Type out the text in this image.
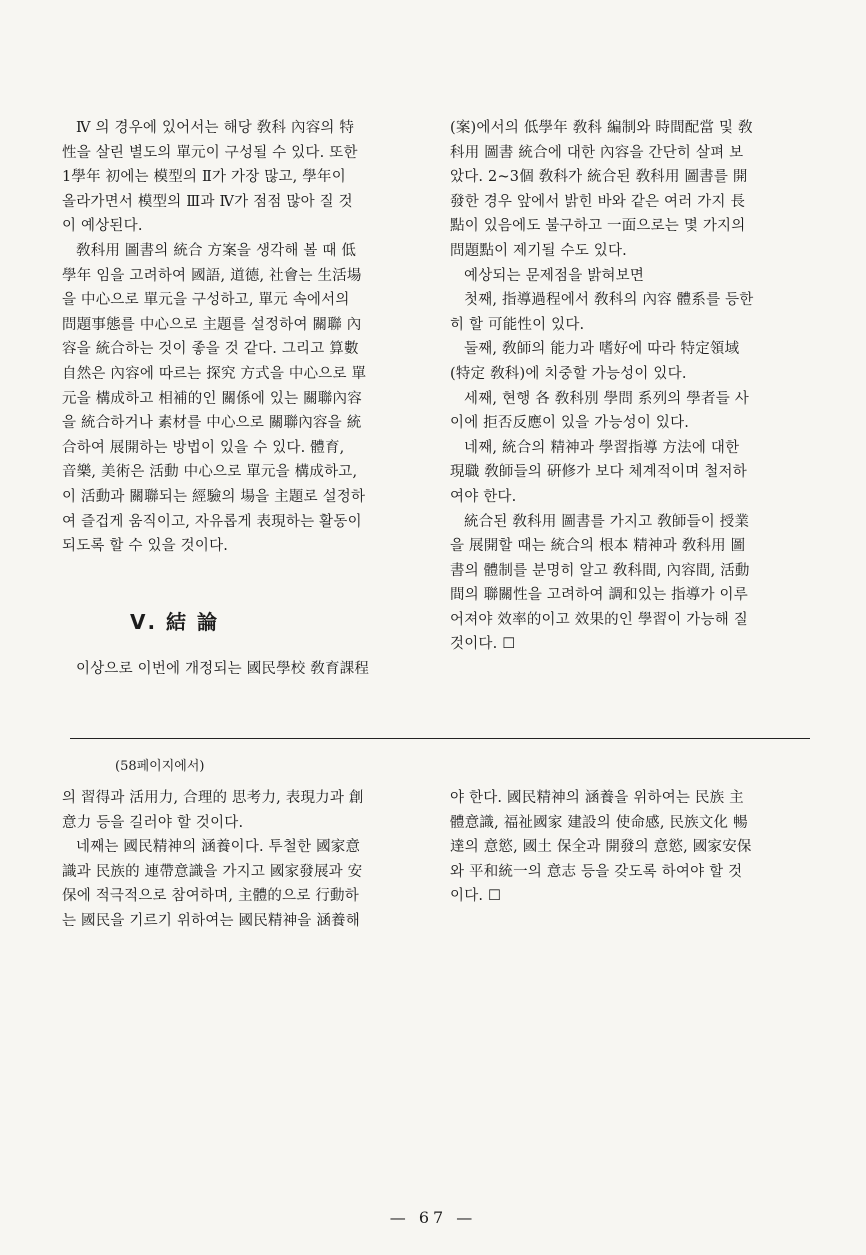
Ⅳ 의 경우에 있어서는 해당 敎科 內容의 特
性을 살린 별도의 單元이 구성될 수 있다. 또한
1學年 初에는 模型의 Ⅱ가 가장 많고, 學年이
올라가면서 模型의 Ⅲ과 Ⅳ가 점점 많아 질 것
이 예상된다.
敎科用 圖書의 統合 方案을 생각해 볼 때 低
學年 임을 고려하여 國語, 道德, 社會는 生活場
을 中心으로 單元을 구성하고, 單元 속에서의
問題事態를 中心으로 主題를 설정하여 關聯 內
容을 統合하는 것이 좋을 것 같다. 그리고 算數
自然은 內容에 따르는 探究 方式을 中心으로 單
元을 構成하고 相補的인 關係에 있는 關聯內容
을 統合하거나 素材를 中心으로 關聯內容을 統
合하여 展開하는 방법이 있을 수 있다. 體育,
音樂, 美術은 活動 中心으로 單元을 構成하고,
이 活動과 關聯되는 經驗의 場을 主題로 설정하
여 즐겁게 움직이고, 자유롭게 表現하는 활동이
되도록 할 수 있을 것이다.
Ⅴ. 結 論
이상으로 이번에 개정되는 國民學校 敎育課程
(案)에서의 低學年 敎科 編制와 時間配當 및 敎
科用 圖書 統合에 대한 內容을 간단히 살펴 보
았다. 2~3個 敎科가 統合된 敎科用 圖書를 開
發한 경우 앞에서 밝힌 바와 같은 여러 가지 長
點이 있음에도 불구하고 一面으로는 몇 가지의
問題點이 제기될 수도 있다.
예상되는 문제점을 밝혀보면
첫째, 指導過程에서 敎科의 內容 體系를 등한
히 할 可能性이 있다.
둘째, 敎師의 能力과 嗜好에 따라 特定領域
(特定 敎科)에 치중할 가능성이 있다.
세째, 현행 各 敎科別 學問 系列의 學者들 사
이에 拒否反應이 있을 가능성이 있다.
네째, 統合의 精神과 學習指導 方法에 대한
現職 敎師들의 硏修가 보다 체계적이며 철저하
여야 한다.
統合된 敎科用 圖書를 가지고 敎師들이 授業
을 展開할 때는 統合의 根本 精神과 敎科用 圖
書의 體制를 분명히 알고 敎科間, 內容間, 活動
間의 聯關性을 고려하여 調和있는 指導가 이루
어져야 效率的이고 效果的인 學習이 가능해 질
것이다. ☐
(58페이지에서)
의 習得과 活用力, 合理的 思考力, 表現力과 創
意力 등을 길러야 할 것이다.
네째는 國民精神의 涵養이다. 투철한 國家意
識과 民族的 連帶意識을 가지고 國家發展과 安
保에 적극적으로 참여하며, 主體的으로 行動하
는 國民을 기르기 위하여는 國民精神을 涵養해
야 한다. 國民精神의 涵養을 위하여는 民族 主
體意識, 福祉國家 建設의 使命感, 民族文化 暢
達의 意慾, 國土 保全과 開發의 意慾, 國家安保
와 平和統一의 意志 등을 갖도록 하여야 할 것
이다. ☐
— 67 —
